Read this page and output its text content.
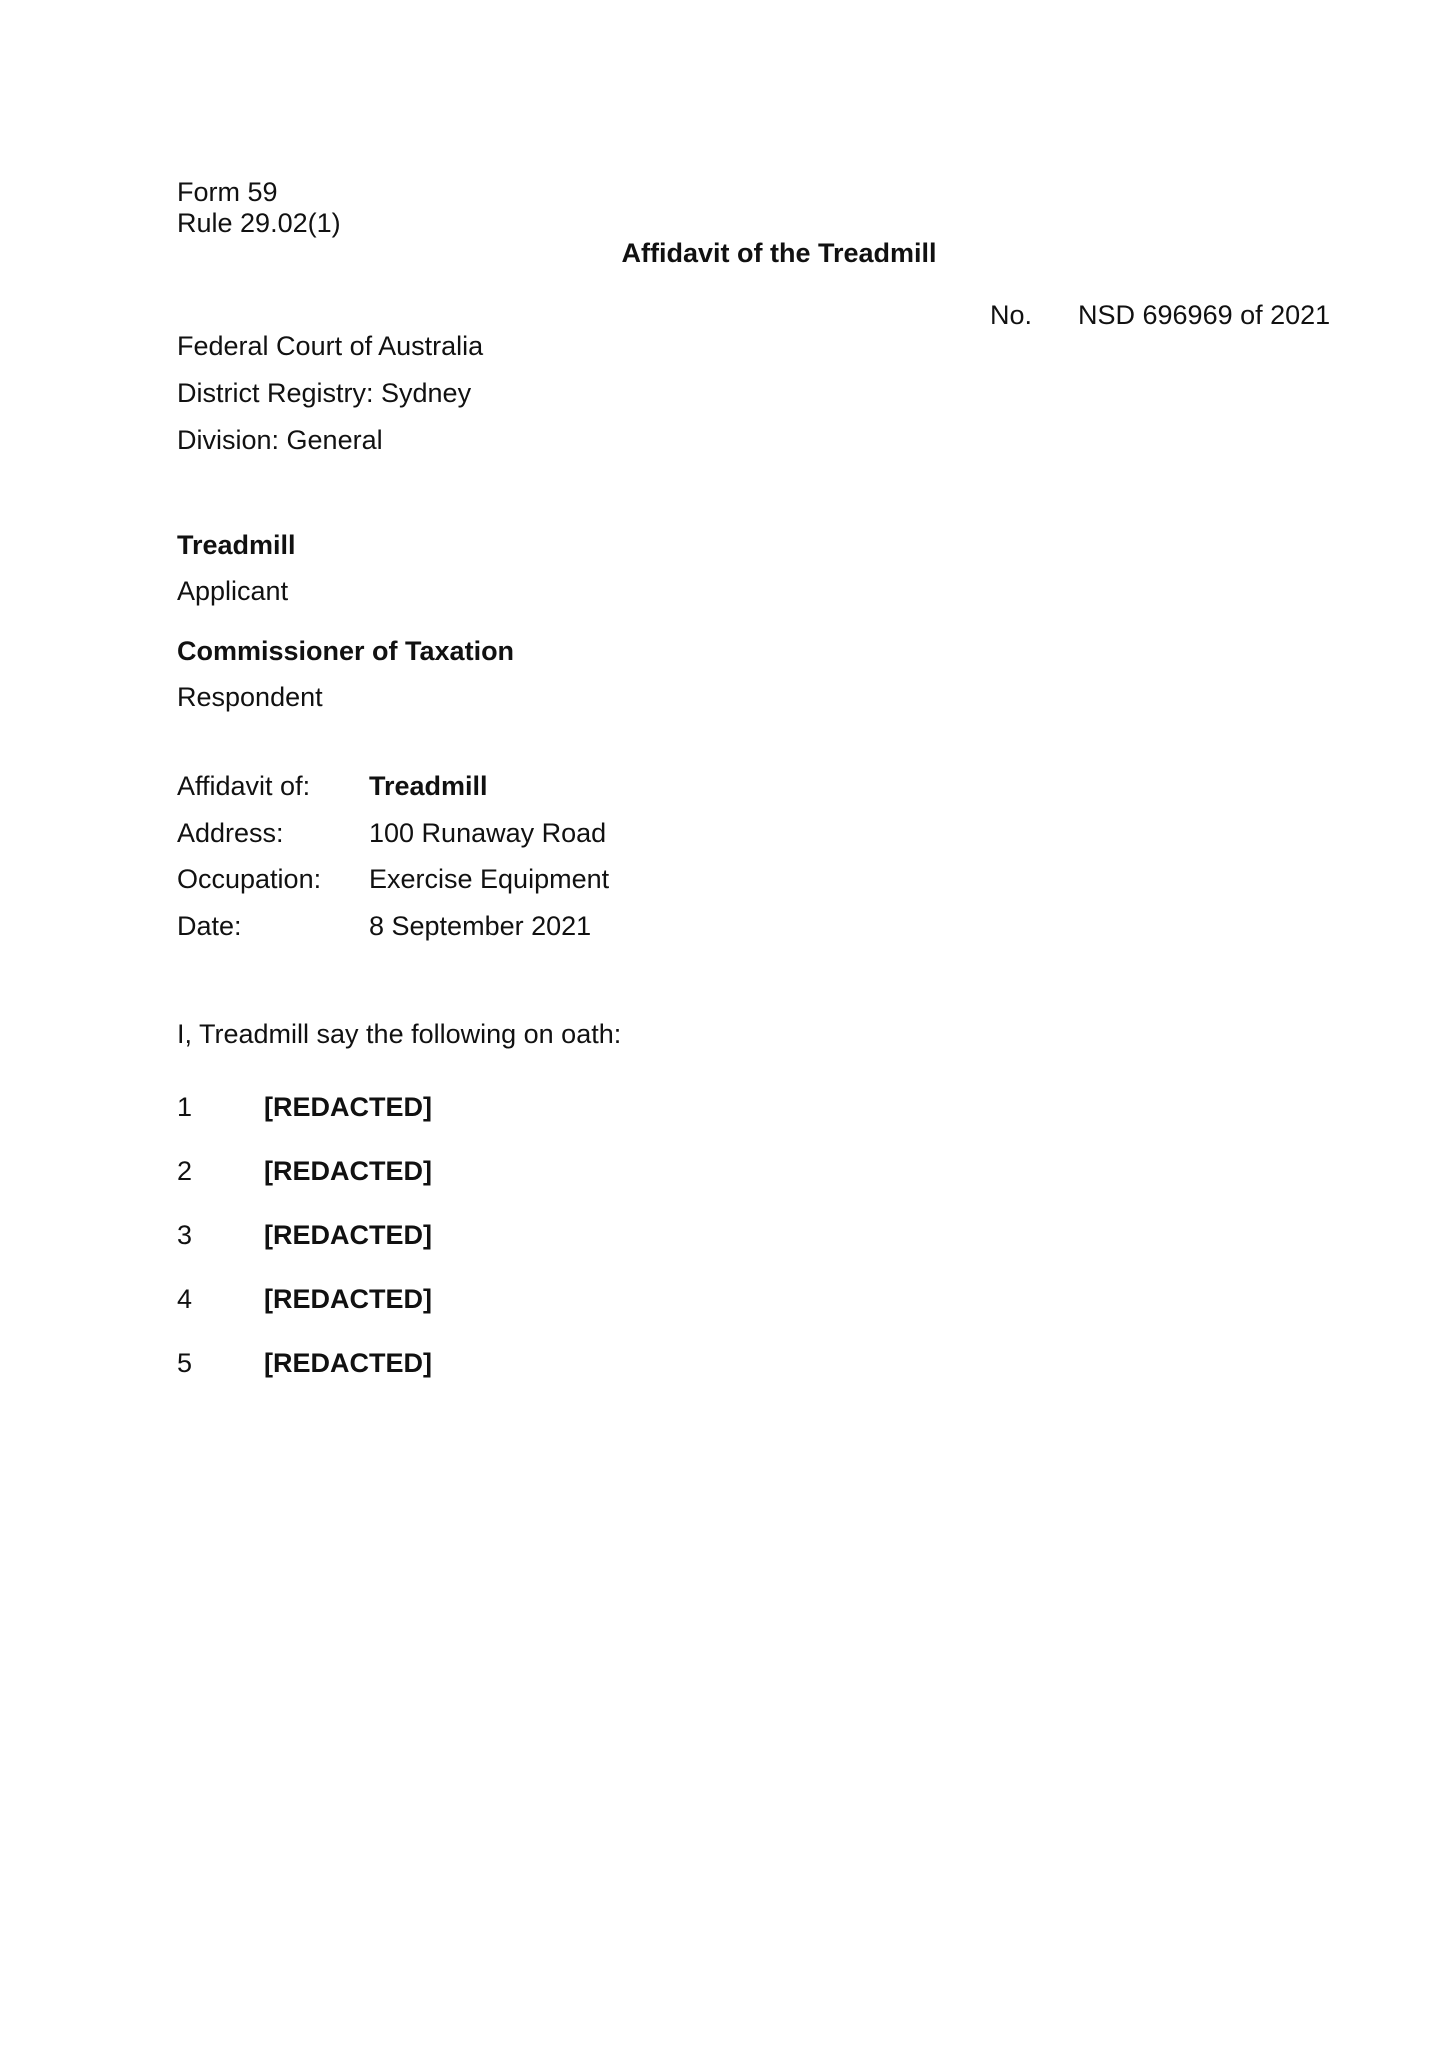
Form 59
Rule 29.02(1)
Affidavit of the Treadmill
No. NSD 696969 of 2021
Federal Court of Australia
District Registry: Sydney
Division: General
Treadmill
Applicant
Commissioner of Taxation
Respondent
Affidavit of: Treadmill
Address:	100 Runaway Road
Occupation: Exercise Equipment
Date:	8 September 2021
I, Treadmill say the following on oath:
1	[REDACTED]
2	[REDACTED]
3	[REDACTED]
4	[REDACTED]
5	[REDACTED]
